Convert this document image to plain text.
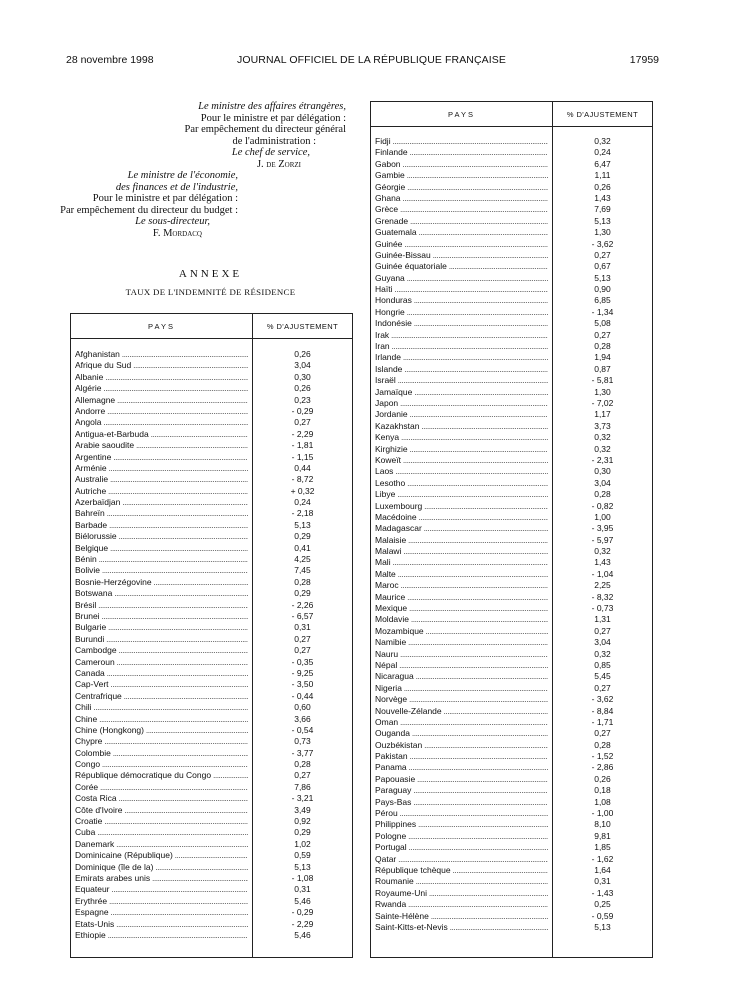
28 novembre 1998	JOURNAL OFFICIEL DE LA RÉPUBLIQUE FRANÇAISE	17959
Le ministre des affaires étrangères,
Pour le ministre et par délégation :
Par empêchement du directeur général
de l'administration :
Le chef de service,
J. de Zorzi
Le ministre de l'économie,
des finances et de l'industrie,
Pour le ministre et par délégation :
Par empêchement du directeur du budget :
Le sous-directeur,
F. Mordacq
ANNEXE
TAUX DE L'INDEMNITÉ DE RÉSIDENCE
PAYS	% D'AJUSTEMENT
Afghanistan .....	0,26
Afrique du Sud .....	3,04
Albanie .....	0,30
Algérie .....	0,26
Allemagne .....	0,23
Andorre .....	- 0,29
Angola .....	0,27
Antigua-et-Barbuda .....	- 2,29
Arabie saoudite .....	- 1,81
Argentine .....	- 1,15
Arménie .....	0,44
Australie .....	- 8,72
Autriche .....	+ 0,32
Azerbaïdjan .....	0,24
Bahreïn .....	- 2,18
Barbade .....	5,13
Biélorussie .....	0,29
Belgique .....	0,41
Bénin .....	4,25
Bolivie .....	7,45
Bosnie-Herzégovine .....	0,28
Botswana .....	0,29
Brésil .....	- 2,26
Brunei .....	- 6,57
Bulgarie .....	0,31
Burundi .....	0,27
Cambodge .....	0,27
Cameroun .....	- 0,35
Canada .....	- 9,25
Cap-Vert .....	- 3,50
Centrafrique .....	- 0,44
Chili .....	0,60
Chine .....	3,66
Chine (Hongkong) .....	- 0,54
Chypre .....	0,73
Colombie .....	- 3,77
Congo .....	0,28
République démocratique du Congo .....	0,27
Corée .....	7,86
Costa Rica .....	- 3,21
Côte d'Ivoire .....	3,49
Croatie .....	0,92
Cuba .....	0,29
Danemark .....	1,02
Dominicaine (République) .....	0,59
Dominique (île de la) .....	5,13
Emirats arabes unis .....	- 1,08
Equateur .....	0,31
Erythrée .....	5,46
Espagne .....	- 0,29
Etats-Unis .....	- 2,29
Ethiopie .....	5,46
PAYS	% D'AJUSTEMENT
Fidji .....	0,32
Finlande .....	0,24
Gabon .....	6,47
Gambie .....	1,11
Géorgie .....	0,26
Ghana .....	1,43
Grèce .....	7,69
Grenade .....	5,13
Guatemala .....	1,30
Guinée .....	- 3,62
Guinée-Bissau .....	0,27
Guinée équatoriale .....	0,67
Guyana .....	5,13
Haïti .....	0,90
Honduras .....	6,85
Hongrie .....	- 1,34
Indonésie .....	5,08
Irak .....	0,27
Iran .....	0,28
Irlande .....	1,94
Islande .....	0,87
Israël .....	- 5,81
Jamaïque .....	1,30
Japon .....	- 7,02
Jordanie .....	1,17
Kazakhstan .....	3,73
Kenya .....	0,32
Kirghizie .....	0,32
Koweït .....	- 2,31
Laos .....	0,30
Lesotho .....	3,04
Libye .....	0,28
Luxembourg .....	- 0,82
Macédoine .....	1,00
Madagascar .....	- 3,95
Malaisie .....	- 5,97
Malawi .....	0,32
Mali .....	1,43
Malte .....	- 1,04
Maroc .....	2,25
Maurice .....	- 8,32
Mexique .....	- 0,73
Moldavie .....	1,31
Mozambique .....	0,27
Namibie .....	3,04
Nauru .....	0,32
Népal .....	0,85
Nicaragua .....	5,45
Nigeria .....	0,27
Norvège .....	- 3,62
Nouvelle-Zélande .....	- 8,84
Oman .....	- 1,71
Ouganda .....	0,27
Ouzbékistan .....	0,28
Pakistan .....	- 1,52
Panama .....	- 2,86
Papouasie .....	0,26
Paraguay .....	0,18
Pays-Bas .....	1,08
Pérou .....	- 1,00
Philippines .....	8,10
Pologne .....	9,81
Portugal .....	1,85
Qatar .....	- 1,62
République tchèque .....	1,64
Roumanie .....	0,31
Royaume-Uni .....	- 1,43
Rwanda .....	0,25
Sainte-Hélène .....	- 0,59
Saint-Kitts-et-Nevis .....	5,13
